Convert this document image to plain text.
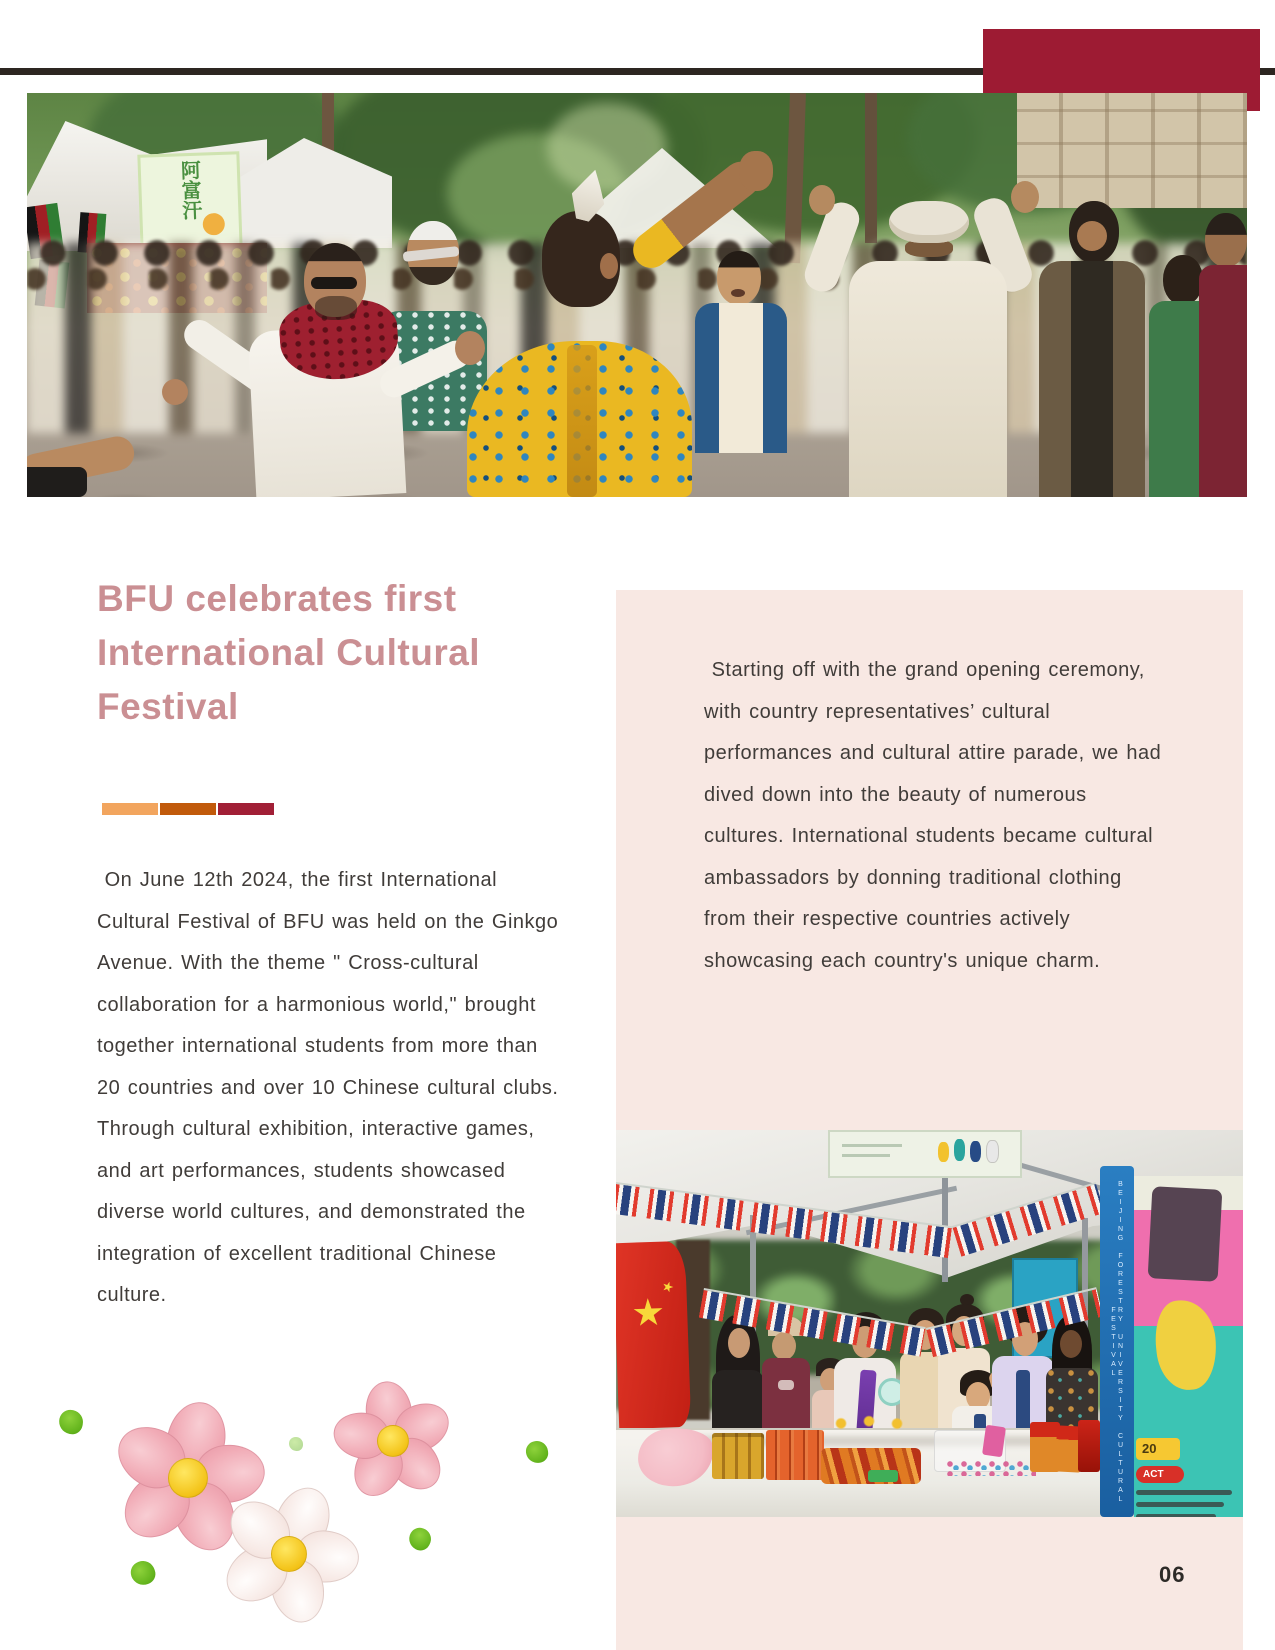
阿富汗
BFU celebrates first International Cultural Festival

On June 12th 2024, the first International Cultural Festival of BFU was held on the Ginkgo Avenue. With the theme " Cross-cultural collaboration for a harmonious world," brought together international students from more than 20 countries and over 10 Chinese cultural clubs. Through cultural exhibition, interactive games, and art performances, students showcased diverse world cultures, and demonstrated the integration of excellent traditional Chinese culture.

Starting off with the grand opening ceremony, with country representatives’ cultural performances and cultural attire parade, we had dived down into the beauty of numerous cultures. International students became cultural ambassadors by donning traditional clothing from their respective countries actively showcasing each country's unique charm.

BEIJING FORESTRY UNIVERSITY CULTURAL FESTIVAL
20
ACT
06
